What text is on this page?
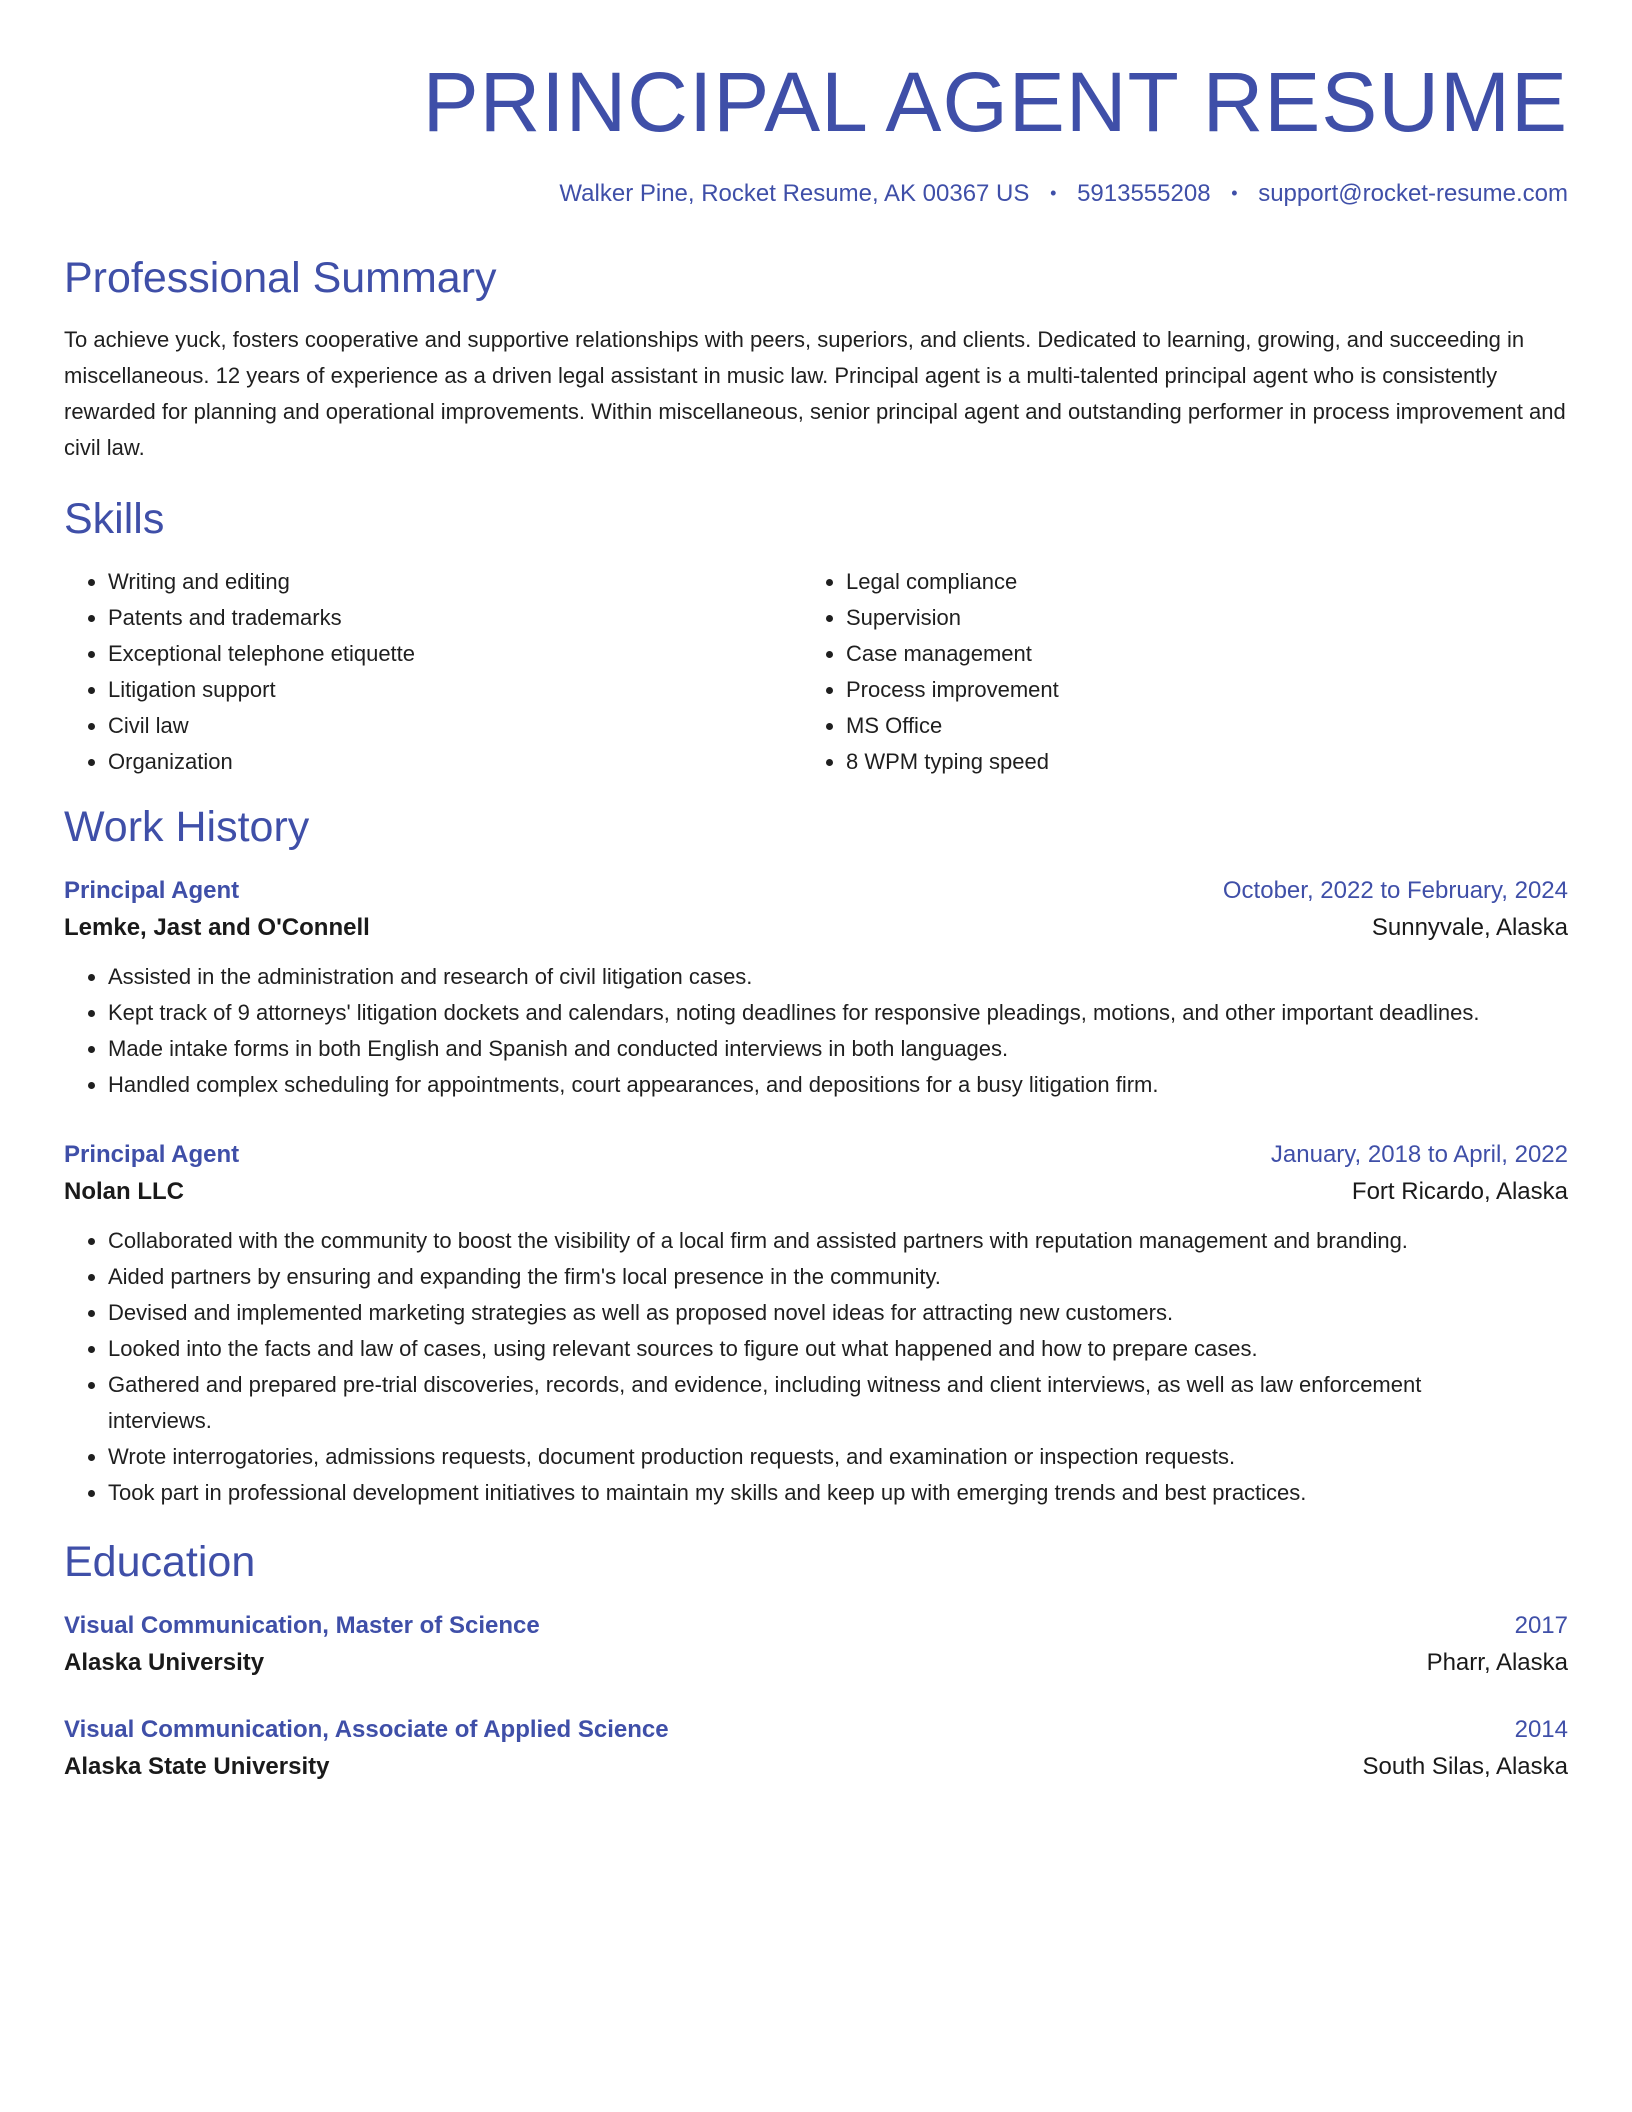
PRINCIPAL AGENT RESUME
Walker Pine, Rocket Resume, AK 00367 US • 5913555208 • support@rocket-resume.com
Professional Summary

To achieve yuck, fosters cooperative and supportive relationships with peers, superiors, and clients. Dedicated to learning, growing, and succeeding in miscellaneous. 12 years of experience as a driven legal assistant in music law. Principal agent is a multi-talented principal agent who is consistently rewarded for planning and operational improvements. Within miscellaneous, senior principal agent and outstanding performer in process improvement and civil law.

Skills
• Writing and editing
• Patents and trademarks
• Exceptional telephone etiquette
• Litigation support
• Civil law
• Organization
• Legal compliance
• Supervision
• Case management
• Process improvement
• MS Office
• 8 WPM typing speed
Work History
Principal Agent	October, 2022 to February, 2024
Lemke, Jast and O'Connell	Sunnyvale, Alaska
• Assisted in the administration and research of civil litigation cases.
• Kept track of 9 attorneys' litigation dockets and calendars, noting deadlines for responsive pleadings, motions, and other important deadlines.
• Made intake forms in both English and Spanish and conducted interviews in both languages.
• Handled complex scheduling for appointments, court appearances, and depositions for a busy litigation firm.
Principal Agent	January, 2018 to April, 2022
Nolan LLC	Fort Ricardo, Alaska
• Collaborated with the community to boost the visibility of a local firm and assisted partners with reputation management and branding.
• Aided partners by ensuring and expanding the firm's local presence in the community.
• Devised and implemented marketing strategies as well as proposed novel ideas for attracting new customers.
• Looked into the facts and law of cases, using relevant sources to figure out what happened and how to prepare cases.
• Gathered and prepared pre-trial discoveries, records, and evidence, including witness and client interviews, as well as law enforcement interviews.
• Wrote interrogatories, admissions requests, document production requests, and examination or inspection requests.
• Took part in professional development initiatives to maintain my skills and keep up with emerging trends and best practices.
Education
Visual Communication, Master of Science	2017
Alaska University	Pharr, Alaska
Visual Communication, Associate of Applied Science	2014
Alaska State University	South Silas, Alaska
